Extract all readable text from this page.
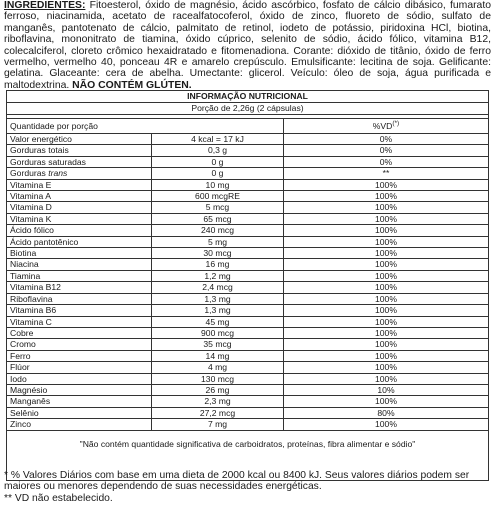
INGREDIENTES: Fitoesterol, óxido de magnésio, ácido ascórbico, fosfato de cálcio dibásico, fumarato ferroso, niacinamida, acetato de racealfatocoferol, óxido de zinco, fluoreto de sódio, sulfato de manganês, pantotenato de cálcio, palmitato de retinol, iodeto de potássio, piridoxina HCl, biotina, riboflavina, mononitrato de tiamina, óxido cúprico, selenito de sódio, ácido fólico, vitamina B12, colecalciferol, cloreto crômico hexaidratado e fitomenadiona. Corante: dióxido de titânio, óxido de ferro vermelho, vermelho 40, ponceau 4R e amarelo crepúsculo. Emulsificante: lecitina de soja. Gelificante: gelatina. Glaceante: cera de abelha. Umectante: glicerol. Veículo: óleo de soja, água purificada e maltodextrina. NÃO CONTÉM GLÚTEN.

INFORMAÇÃO NUTRICIONAL		
Porção de 2,26g (2 cápsulas)		

Quantidade por porção		%VD(*)
Valor energético	4 kcal = 17 kJ	0%
Gorduras totais	0,3 g	0%
Gorduras saturadas	0 g	0%
Gorduras trans	0 g	**
Vitamina E	10 mg	100%
Vitamina A	600 mcgRE	100%
Vitamina D	5 mcg	100%
Vitamina K	65 mcg	100%
Ácido fólico	240 mcg	100%
Ácido pantotênico	5 mg	100%
Biotina	30 mcg	100%
Niacina	16 mg	100%
Tiamina	1,2 mg	100%
Vitamina B12	2,4 mcg	100%
Riboflavina	1,3 mg	100%
Vitamina B6	1,3 mg	100%
Vitamina C	45 mg	100%
Cobre	900 mcg	100%
Cromo	35 mcg	100%
Ferro	14 mg	100%
Flúor	4 mg	100%
Iodo	130 mcg	100%
Magnésio	26 mg	10%
Manganês	2,3 mg	100%
Selênio	27,2 mcg	80%
Zinco	7 mg	100%
"Não contém quantidade significativa de carboidratos, proteínas, fibra alimentar e sódio"		
* % Valores Diários com base em uma dieta de 2000 kcal ou 8400 kJ. Seus valores diários podem ser maiores ou menores dependendo de suas necessidades energéticas.
** VD não estabelecido.
